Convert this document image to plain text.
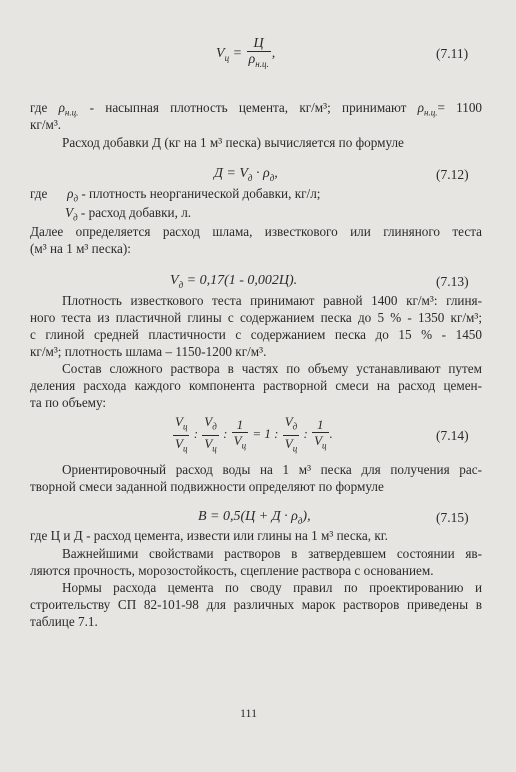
$V_ц = \frac{Ц}{\rho_{н.ц.}}$ ,	(7.11)
где $\rho_{н.ц.}$ - насыпная плотность цемента, кг/м³; принимают $\rho_{н.ц.}= 1100$
кг/м³.
Расход добавки Д (кг на 1 м³ песка) вычисляется по формуле
$Д = V_д \cdot \rho_д$,	(7.12)
где $\rho_д$ - плотность неорганической добавки, кг/л;
$V_д$ - расход добавки, л.
Далее определяется расход шлама, известкового или глиняного теста
(м³ на 1 м³ песка):
$V_д = 0,17(1 - 0,002Ц)$.	(7.13)
Плотность известкового теста принимают равной 1400 кг/м³: глиня-
ного теста из пластичной глины с содержанием песка до 5 % - 1350 кг/м³;
с глиной средней пластичности с содержанием песка до 15 % - 1450
кг/м³; плотность шлама – 1150-1200 кг/м³.
Состав сложного раствора в частях по объему устанавливают путем
деления расхода каждого компонента растворной смеси на расход цемен-
та по объему:
$\frac{V_ц}{V_ц}$ : $\frac{V_д}{V_ц}$ : $\frac{1}{V_ц} = 1$ : $\frac{V_д}{V_ц}$ : $\frac{1}{V_ц}$ .	(7.14)
Ориентировочный расход воды на 1 м³ песка для получения рас-
творной смеси заданной подвижности определяют по формуле
$B = 0,5(Ц + Д \cdot \rho_д)$,	(7.15)
где Ц и Д - расход цемента, извести или глины на 1 м³ песка, кг.
Важнейшими свойствами растворов в затвердевшем состоянии яв-
ляются прочность, морозостойкость, сцепление раствора с основанием.
Нормы расхода цемента по своду правил по проектированию и
строительству СП 82-101-98 для различных марок растворов приведены в
таблице 7.1.
111
